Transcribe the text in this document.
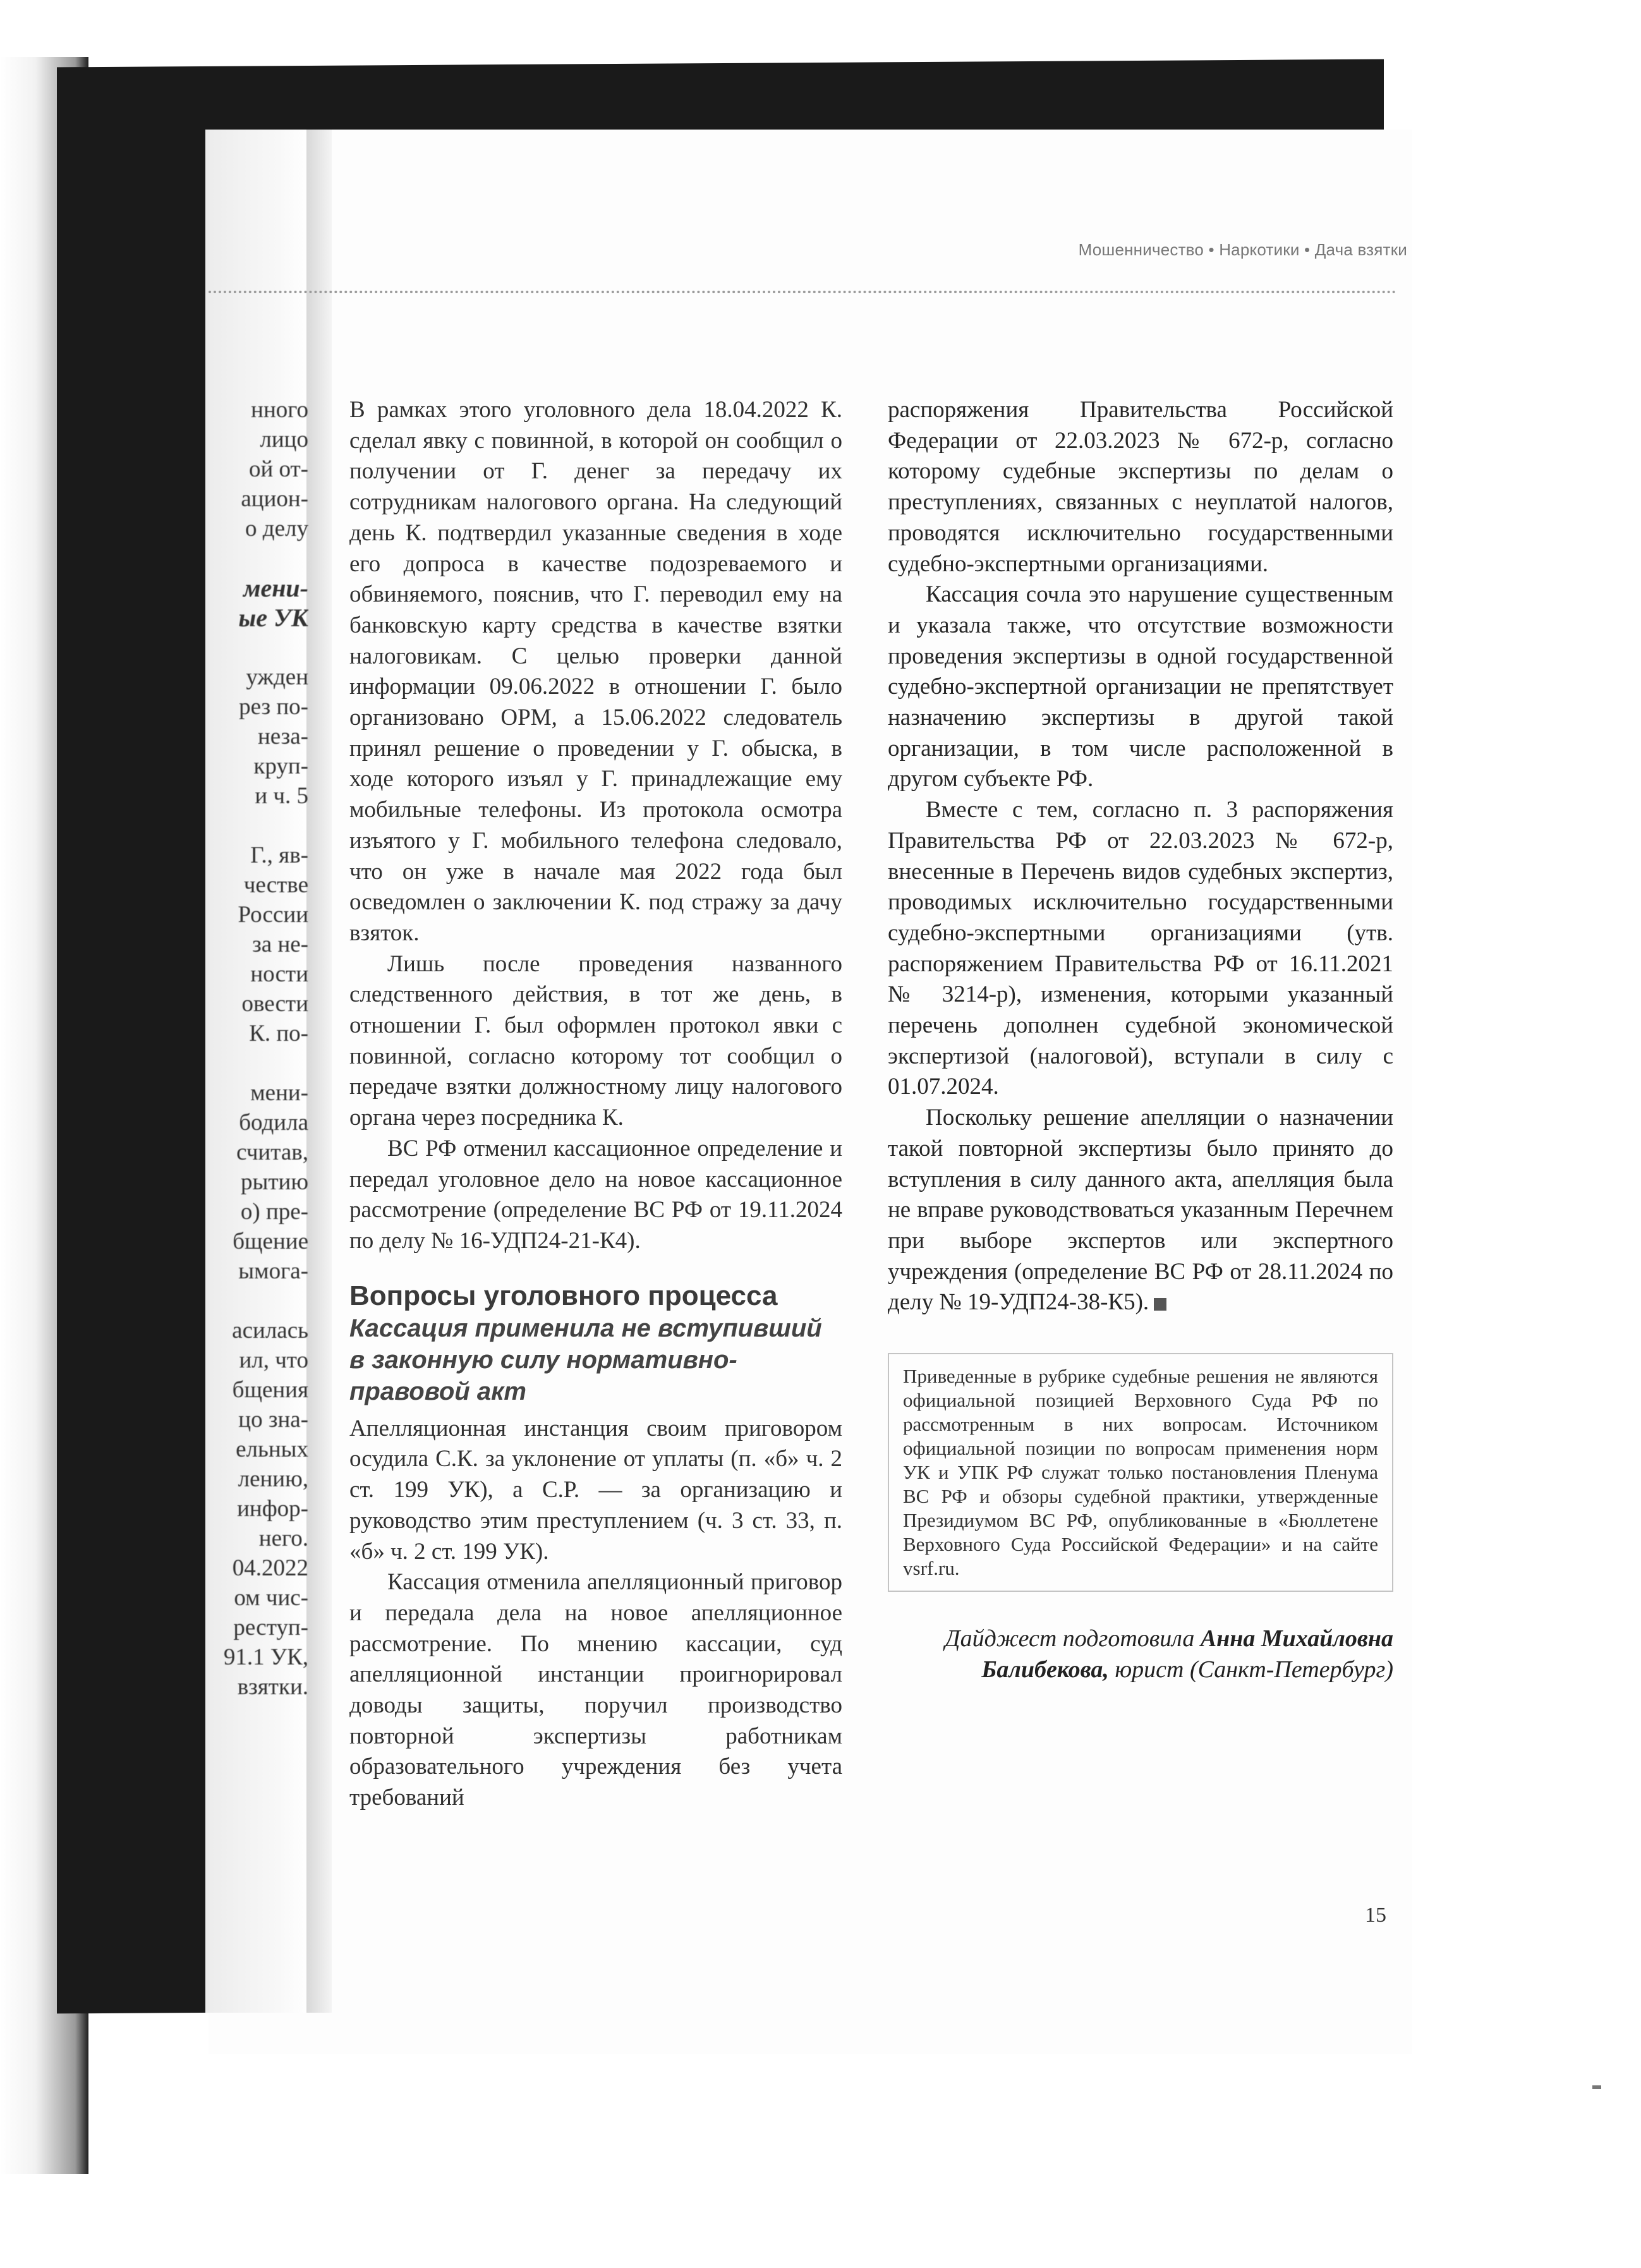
Мошенничество • Наркотики • Дача взятки
нного
лицо
ой от-
ацион-
о делу
мени-
ые УК
ужден
рез по-
незa-
круп-
и ч. 5
Г., яв-
честве
России
за не-
ности
овести
К. по-
мени-
бодила
считав,
рытию
о) пре-
бщение
ымога-
асилась
ил, что
бщения
цо зна-
ельных
лению,
инфор-
него.
04.2022
ом чис-
реступ-
91.1 УК,
взятки.

В рамках этого уголовного дела 18.04.2022 К. сделал явку с повинной, в которой он сообщил о получении от Г. денег за передачу их сотрудникам налогового органа. На следующий день К. подтвердил указанные сведения в ходе его допроса в качестве подозреваемого и обвиняемого, пояснив, что Г. переводил ему на банковскую карту средства в качестве взятки налоговикам. С целью проверки данной информации 09.06.2022 в отношении Г. было организовано ОРМ, а 15.06.2022 следователь принял решение о проведении у Г. обыска, в ходе которого изъял у Г. принадлежащие ему мобильные телефоны. Из протокола осмотра изъятого у Г. мобильного телефона следовало, что он уже в начале мая 2022 года был осведомлен о заключении К. под стражу за дачу взяток.

Лишь после проведения названного следственного действия, в тот же день, в отношении Г. был оформлен протокол явки с повинной, согласно которому тот сообщил о передаче взятки должностному лицу налогового органа через посредника К.

ВС РФ отменил кассационное определение и передал уголовное дело на новое кассационное рассмотрение (определение ВС РФ от 19.11.2024 по делу № 16-УДП24-21-К4).

Вопросы уголовного процесса
Кассация применила не вступивший в законную силу нормативно-правовой акт

Апелляционная инстанция своим приговором осудила С.К. за уклонение от уплаты (п. «б» ч. 2 ст. 199 УК), а С.Р. — за организацию и руководство этим преступлением (ч. 3 ст. 33, п. «б» ч. 2 ст. 199 УК).

Кассация отменила апелляционный приговор и передала дела на новое апелляционное рассмотрение. По мнению кассации, суд апелляционной инстанции проигнорировал доводы защиты, поручил производство повторной экспертизы работникам образовательного учреждения без учета требований

распоряжения Правительства Российской Федерации от 22.03.2023 № 672-р, согласно которому судебные экспертизы по делам о преступлениях, связанных с неуплатой налогов, проводятся исключительно государственными судебно-экспертными организациями.

Кассация сочла это нарушение существенным и указала также, что отсутствие возможности проведения экспертизы в одной государственной судебно-экспертной организации не препятствует назначению экспертизы в другой такой организации, в том числе расположенной в другом субъекте РФ.

Вместе с тем, согласно п. 3 распоряжения Правительства РФ от 22.03.2023 № 672-р, внесенные в Перечень видов судебных экспертиз, проводимых исключительно государственными судебно-экспертными организациями (утв. распоряжением Правительства РФ от 16.11.2021 № 3214-р), изменения, которыми указанный перечень дополнен судебной экономической экспертизой (налоговой), вступали в силу с 01.07.2024.

Поскольку решение апелляции о назначении такой повторной экспертизы было принято до вступления в силу данного акта, апелляция была не вправе руководствоваться указанным Перечнем при выборе экспертов или экспертного учреждения (определение ВС РФ от 28.11.2024 по делу № 19-УДП24-38-К5).

Приведенные в рубрике судебные решения не являются официальной позицией Верховного Суда РФ по рассмотренным в них вопросам. Источником официальной позиции по вопросам применения норм УК и УПК РФ служат только постановления Пленума ВС РФ и обзоры судебной практики, утвержденные Президиумом ВС РФ, опубликованные в «Бюллетене Верховного Суда Российской Федерации» и на сайте vsrf.ru.
Дайджест подготовила Анна Михайловна Балибекова, юрист (Санкт-Петербург)
15
